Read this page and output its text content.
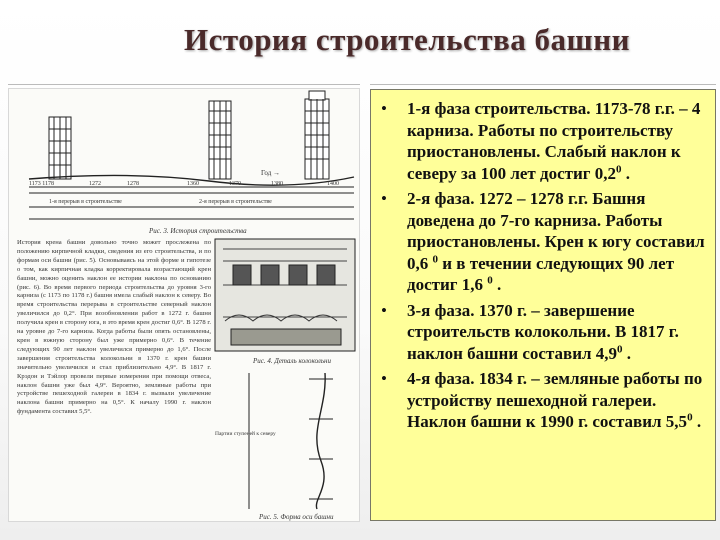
История строительства башни
Год →
1173 1178	1272	1278	1360	1370	1380	1400
1-я перерыв в строительстве	2-я перерыв в строительстве
Рис. 3. История строительства
Рис. 4. Деталь колокольни
Партии ступеней к северу
Рис. 5. Форма оси башни
История крена башни довольно точно может прослежена по положению кирпичной кладки, сведения из его строительства, и по формам оси башни (рис. 5). Основываясь на этой форме и гипотезе о том, как кирпичная кладка корректировала возрастающий крен башни, можно оценить наклон ее истории наклона по основанию (рис. 6). Во время первого периода строительства до уровня 3-го карниза (с 1173 по 1178 г.) башня имела слабый наклон к северу. Во время строительства перерыва в строительстве северный наклон увеличился до 0,2°. При возобновлении работ в 1272 г. башня получила крен в сторону юга, в это время крен достиг 0,6°. В 1278 г. на уровне до 7-го карниза. Когда работы были опять остановлены, крен в южную сторону был уже примерно 0,6°. В течение следующих 90 лет наклон увеличился примерно до 1,6°. После завершения строительства колокольни в 1370 г. крен башни значительно увеличился и стал приблизительно 4,9°. В 1817 г. Крэдон и Тэйлор провели первые измерения при помощи отвеса, наклон башни уже был 4,9°. Вероятно, земляные работы при устройстве пешеходной галереи в 1834 г. вызвали увеличение наклона башни примерно на 0,5°. К началу 1990 г. наклон фундамента составил 5,5°.
• 1-я фаза строительства. 1173-78 г.г. – 4 карниза. Работы по строительству приостановлены. Слабый наклон к северу за 100 лет достиг $0,2^0$ .
• 2-я фаза. 1272 – 1278 г.г. Башня доведена до 7-го карниза. Работы приостановлены. Крен к югу составил 0,6 $^0$ и в течении следующих 90 лет достиг 1,6 $^0$ .
• 3-я фаза. 1370 г. – завершение строительств колокольни. В 1817 г. наклон башни составил $4,9^0$ .
• 4-я фаза. 1834 г. – земляные работы по устройству пешеходной галереи. Наклон башни к 1990 г. составил $5,5^0$ .
